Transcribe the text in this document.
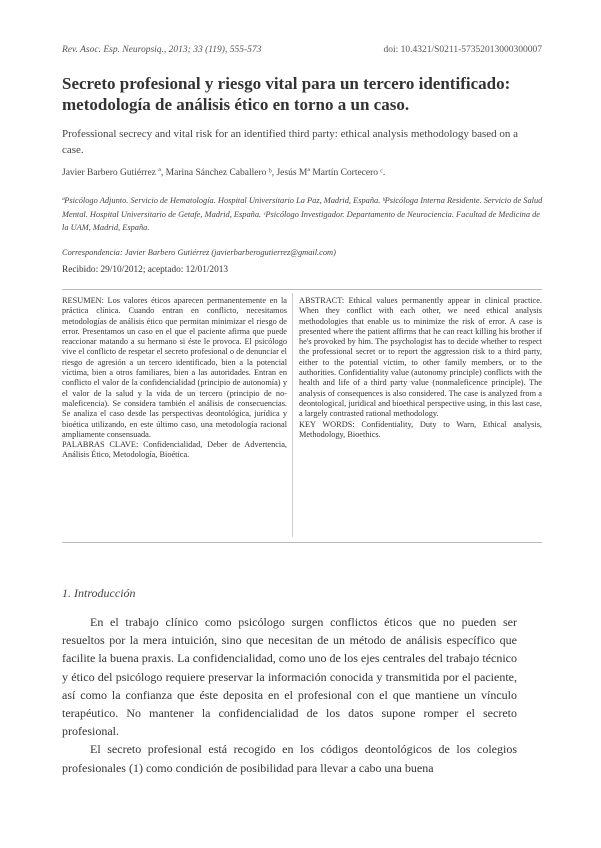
Rev. Asoc. Esp. Neuropsiq., 2013; 33 (119), 555-573	doi: 10.4321/S0211-57352013000300007
Secreto profesional y riesgo vital para un tercero identificado: metodología de análisis ético en torno a un caso.

Professional secrecy and vital risk for an identified third party: ethical analysis methodology based on a case.

Javier Barbero Gutiérrez ª, Marina Sánchez Caballero ᵇ, Jesús Mª Martín Cortecero ᶜ.
ªPsicólogo Adjunto. Servicio de Hematología. Hospital Universitario La Paz, Madrid, España. ᵇPsicóloga Interna Residente. Servicio de Salud Mental. Hospital Universitario de Getafe, Madrid, España. ᶜPsicólogo Investigador. Departamento de Neurociencia. Facultad de Medicina de la UAM, Madrid, España.
Correspondencia: Javier Barbero Gutiérrez (javierbarberogutierrez@gmail.com)
Recibido: 29/10/2012; aceptado: 12/01/2013

RESUMEN: Los valores éticos aparecen permanentemente en la práctica clínica. Cuando entran en conflicto, necesitamos metodologías de análisis ético que permitan minimizar el riesgo de error. Presentamos un caso en el que el paciente afirma que puede reaccionar matando a su hermano si éste le provoca. El psicólogo vive el conflicto de respetar el secreto profesional o de denunciar el riesgo de agresión a un tercero identificado, bien a la potencial víctima, bien a otros familiares, bien a las autoridades. Entran en conflicto el valor de la confidencialidad (principio de autonomía) y el valor de la salud y la vida de un tercero (principio de no-maleficencia). Se considera también el análisis de consecuencias. Se analiza el caso desde las perspectivas deontológica, jurídica y bioética utilizando, en este último caso, una metodología racional ampliamente consensuada.

PALABRAS CLAVE: Confidencialidad, Deber de Advertencia, Análisis Ético, Metodología, Bioética.

ABSTRACT: Ethical values permanently appear in clinical practice. When they conflict with each other, we need ethical analysis methodologies that enable us to minimize the risk of error. A case is presented where the patient affirms that he can react killing his brother if he's provoked by him. The psychologist has to decide whether to respect the professional secret or to report the aggression risk to a third party, either to the potential victim, to other family members, or to the authorities. Confidentiality value (autonomy principle) conflicts with the health and life of a third party value (nonmaleficence principle). The analysis of consequences is also considered. The case is analyzed from a deontological, juridical and bioethical perspective using, in this last case, a largely contrasted rational methodology.

KEY WORDS: Confidentiality, Duty to Warn, Ethical analysis, Methodology, Bioethics.

1. Introducción

En el trabajo clínico como psicólogo surgen conflictos éticos que no pueden ser resueltos por la mera intuición, sino que necesitan de un método de análisis específico que facilite la buena praxis. La confidencialidad, como uno de los ejes centrales del trabajo técnico y ético del psicólogo requiere preservar la información conocida y transmitida por el paciente, así como la confianza que éste deposita en el profesional con el que mantiene un vínculo terapéutico. No mantener la confidencialidad de los datos supone romper el secreto profesional.

El secreto profesional está recogido en los códigos deontológicos de los colegios profesionales (1) como condición de posibilidad para llevar a cabo una buena
